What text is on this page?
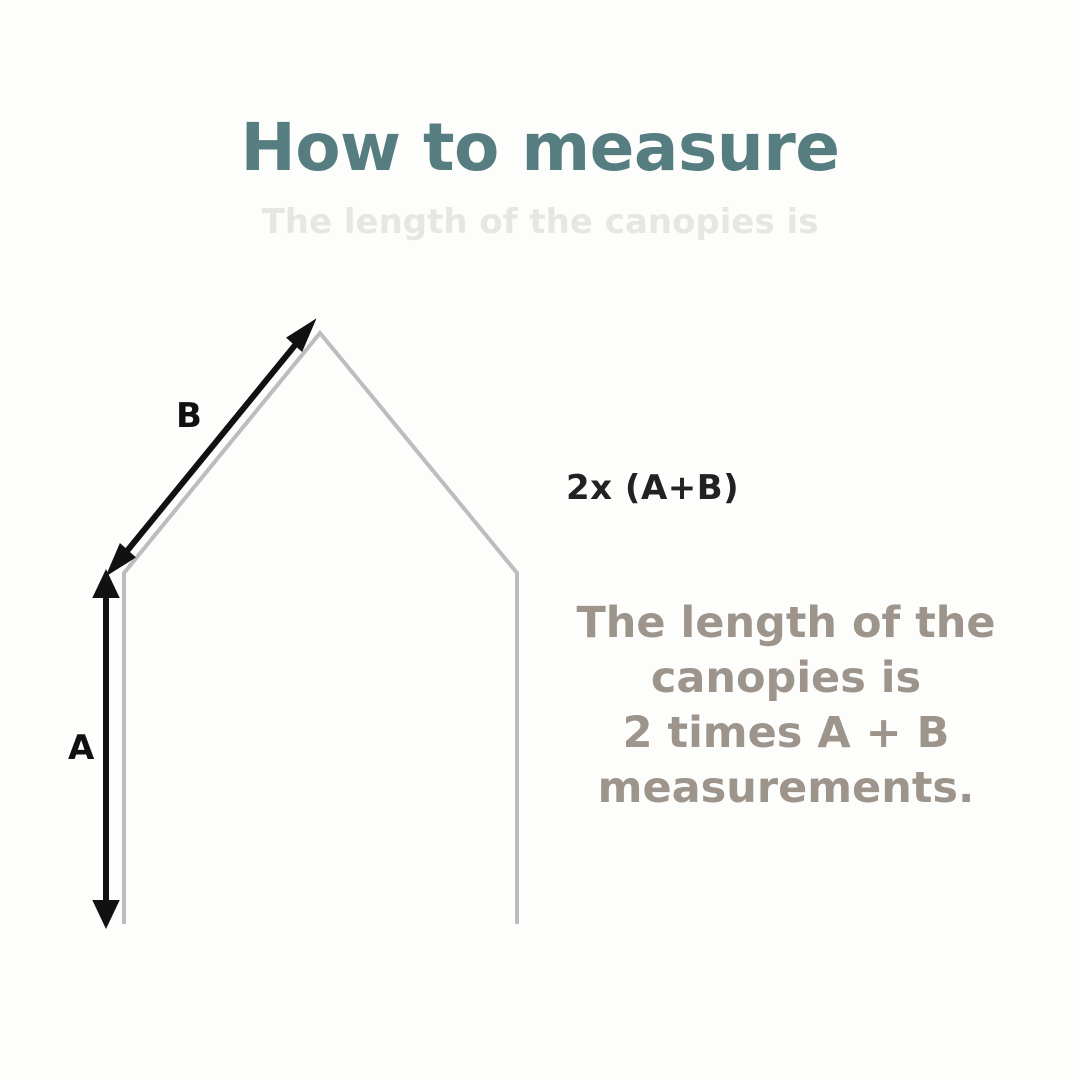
The length of the canopies is
How to measure
B
A
2x (A+B)
The length of the
canopies is
2 times A + B
measurements.
